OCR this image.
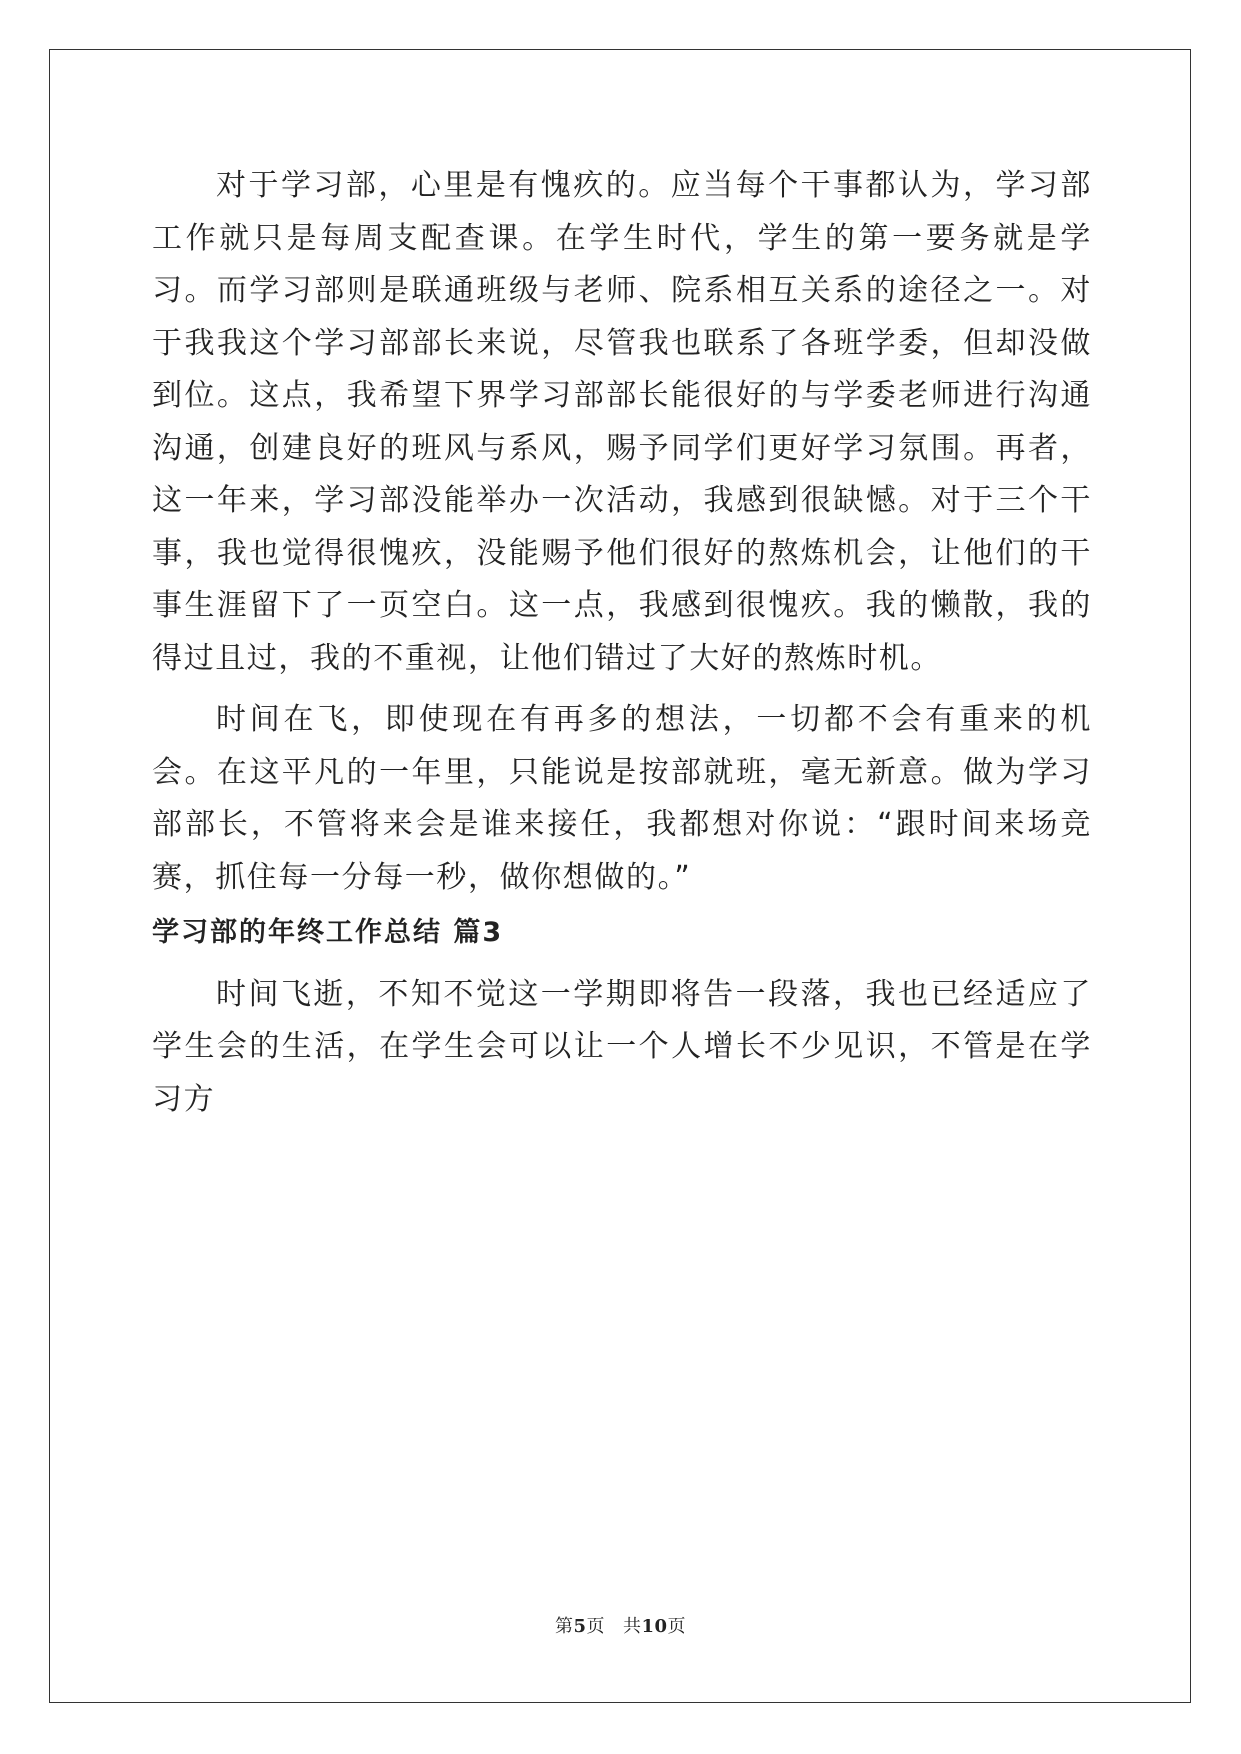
对于学习部，心里是有愧疚的。应当每个干事都认为，学习部工作就只是每周支配查课。在学生时代，学生的第一要务就是学习。而学习部则是联通班级与老师、院系相互关系的途径之一。对于我我这个学习部部长来说，尽管我也联系了各班学委，但却没做到位。这点，我希望下界学习部部长能很好的与学委老师进行沟通沟通，创建良好的班风与系风，赐予同学们更好学习氛围。再者，这一年来，学习部没能举办一次活动，我感到很缺憾。对于三个干事，我也觉得很愧疚，没能赐予他们很好的熬炼机会，让他们的干事生涯留下了一页空白。这一点，我感到很愧疚。我的懒散，我的得过且过，我的不重视，让他们错过了大好的熬炼时机。

时间在飞，即使现在有再多的想法，一切都不会有重来的机会。在这平凡的一年里，只能说是按部就班，毫无新意。做为学习部部长，不管将来会是谁来接任，我都想对你说：“跟时间来场竞赛，抓住每一分每一秒，做你想做的。”

学习部的年终工作总结 篇3

时间飞逝，不知不觉这一学期即将告一段落，我也已经适应了学生会的生活，在学生会可以让一个人增长不少见识，不管是在学习方

第5页 共10页
